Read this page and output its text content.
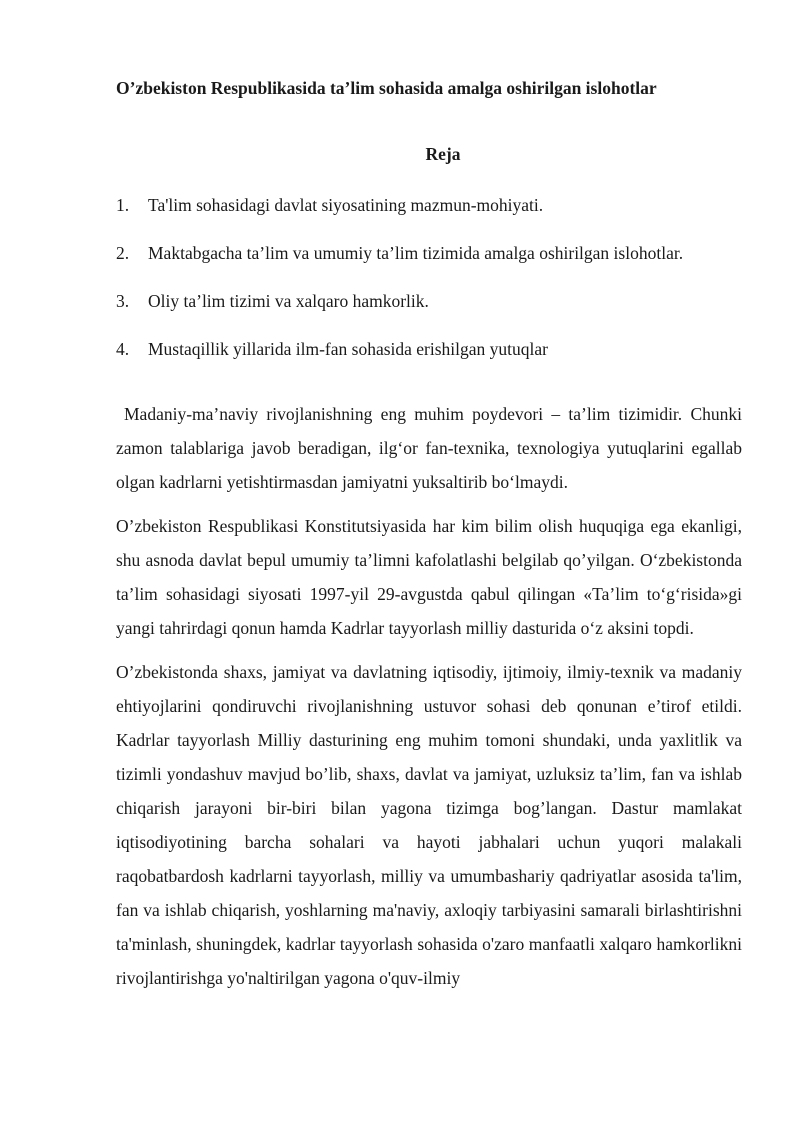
O’zbekiston Respublikasida ta’lim sohasida amalga oshirilgan islohotlar
Reja
1.	Ta'lim sohasidagi davlat siyosatining mazmun-mohiyati.
2.	Maktabgacha ta’lim va umumiy ta’lim tizimida amalga oshirilgan islohotlar.
3.	Oliy ta’lim tizimi va xalqaro hamkorlik.
4.	Mustaqillik yillarida ilm-fan sohasida erishilgan yutuqlar

Madaniy-ma’naviy rivojlanishning eng muhim poydevori – ta’lim tizimidir. Chunki zamon talablariga javob beradigan, ilg‘or fan-texnika, texnologiya yutuqlarini egallab olgan kadrlarni yetishtirmasdan jamiyatni yuksaltirib bo‘lmaydi.

O’zbekiston Respublikasi Konstitutsiyasida har kim bilim olish huquqiga ega ekanligi, shu asnoda davlat bepul umumiy ta’limni kafolatlashi belgilab qo’yilgan. O‘zbekistonda ta’lim sohasidagi siyosati 1997-yil 29-avgustda qabul qilingan «Ta’lim to‘g‘risida»gi yangi tahrirdagi qonun hamda Kadrlar tayyorlash milliy dasturida o‘z aksini topdi.

O’zbekistonda shaxs, jamiyat va davlatning iqtisodiy, ijtimoiy, ilmiy-texnik va madaniy ehtiyojlarini qondiruvchi rivojlanishning ustuvor sohasi deb qonunan e’tirof etildi. Kadrlar tayyorlash Milliy dasturining eng muhim tomoni shundaki, unda yaxlitlik va tizimli yondashuv mavjud bo’lib, shaxs, davlat va jamiyat, uzluksiz ta’lim, fan va ishlab chiqarish jarayoni bir-biri bilan yagona tizimga bog’langan. Dastur mamlakat iqtisodiyotining barcha sohalari va hayoti jabhalari uchun yuqori malakali raqobatbardosh kadrlarni tayyorlash, milliy va umumbashariy qadriyatlar asosida ta'lim, fan va ishlab chiqarish, yoshlarning ma'naviy, axloqiy tarbiyasini samarali birlashtirishni ta'minlash, shuningdek, kadrlar tayyorlash sohasida o'zaro manfaatli xalqaro hamkorlikni rivojlantirishga yo'naltirilgan yagona o'quv-ilmiy
